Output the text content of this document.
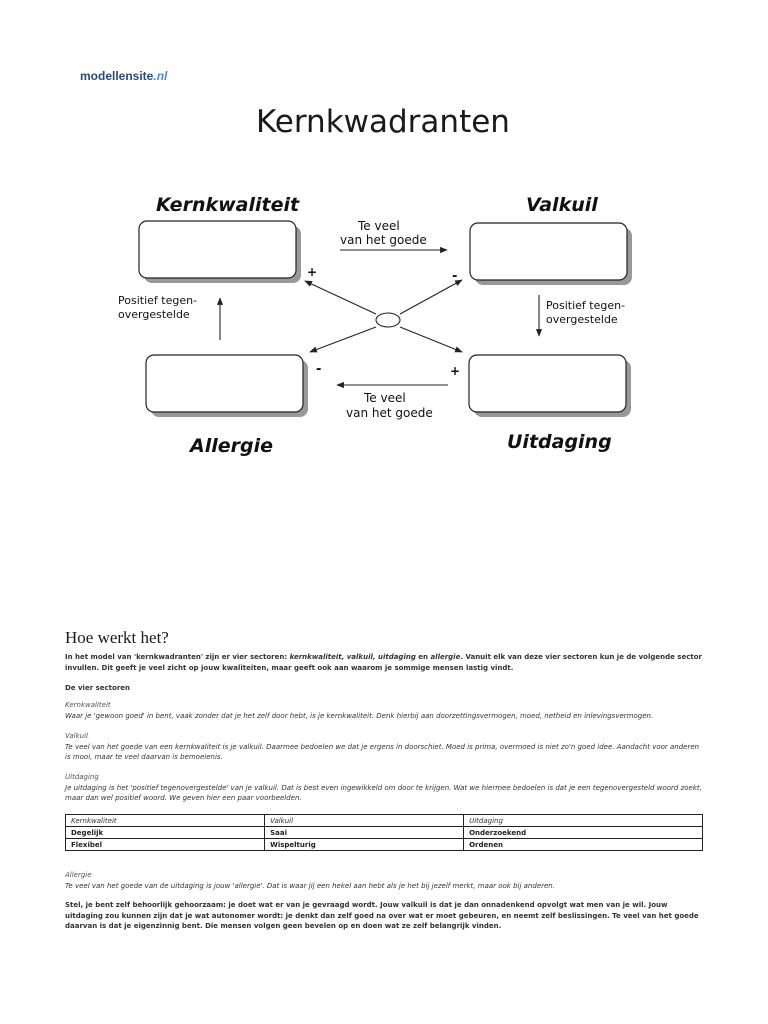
modellensite.nl
Kernkwadranten
Kernkwaliteit	Valkuil
Allergie	Uitdaging
Te veel
van het goede
Te veel
van het goede
Positief tegen-
overgestelde
Positief tegen-
overgestelde
+	-
-	+
Hoe werkt het?
In het model van 'kernkwadranten' zijn er vier sectoren: kernkwaliteit, valkuil, uitdaging en allergie. Vanuit elk van deze vier sectoren kun je de volgende sector invullen. Dit geeft je veel zicht op jouw kwaliteiten, maar geeft ook aan waarom je sommige mensen lastig vindt.
De vier sectoren
Kernkwaliteit
Waar je 'gewoon goed' in bent, vaak zonder dat je het zelf door hebt, is je kernkwaliteit. Denk hierbij aan doorzettingsvermogen, moed, netheid en inlevingsvermogen.
Valkuil
Te veel van het goede van een kernkwaliteit is je valkuil. Daarmee bedoelen we dat je ergens in doorschiet. Moed is prima, overmoed is niet zo'n goed idee. Aandacht voor anderen is mooi, maar te veel daarvan is bemoeienis.
Uitdaging
Je uitdaging is het 'positief tegenovergestelde' van je valkuil. Dat is best even ingewikkeld om door te krijgen. Wat we hiermee bedoelen is dat je een tegenovergesteld woord zoekt, maar dan wel positief woord. We geven hier een paar voorbeelden.
Kernkwaliteit	Valkuil	Uitdaging
Degelijk	Saai	Onderzoekend
Flexibel	Wispelturig	Ordenen
Allergie
Te veel van het goede van de uitdaging is jouw 'allergie'. Dat is waar jij een hekel aan hebt als je het bij jezelf merkt, maar ook bij anderen.
Stel, je bent zelf behoorlijk gehoorzaam: je doet wat er van je gevraagd wordt. Jouw valkuil is dat je dan onnadenkend opvolgt wat men van je wil. Jouw uitdaging zou kunnen zijn dat je wat autonomer wordt: je denkt dan zelf goed na over wat er moet gebeuren, en neemt zelf beslissingen. Te veel van het goede daarvan is dat je eigenzinnig bent. Die mensen volgen geen bevelen op en doen wat ze zelf belangrijk vinden.
